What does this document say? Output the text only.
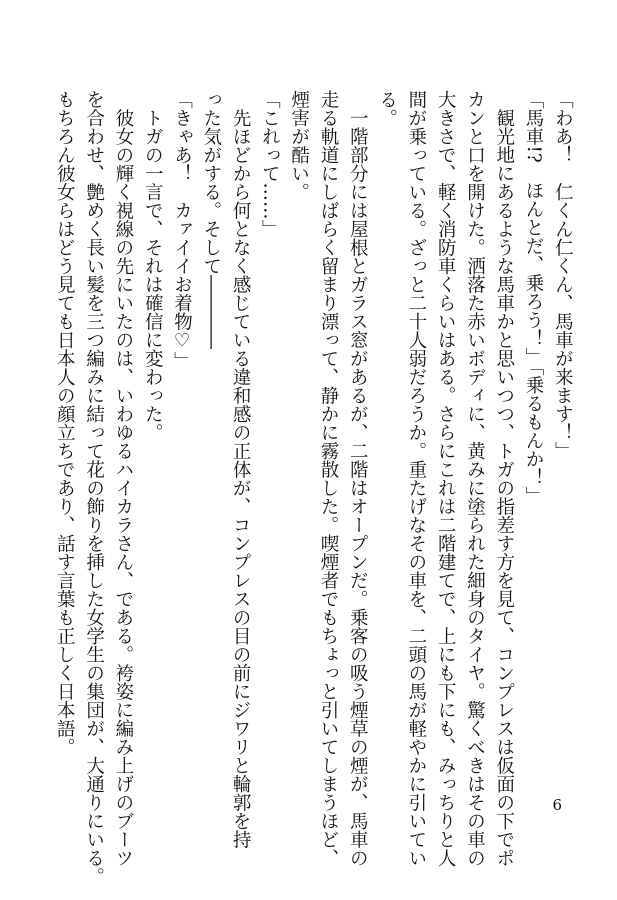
「わあ！　仁くん仁くん、馬車が来ます！」
「馬車!?　ほんとだ、乗ろう！」「乗るもんか！」
　観光地にあるような馬車かと思いつつ、トガの指差す方を見て、コンプレスは仮面の下でポ
カンと口を開けた。洒落た赤いボディに、黄みに塗られた細身のタイヤ。驚くべきはその車の
大きさで、軽く消防車くらいはある。さらにこれは二階建てで、上にも下にも、みっちりと人
間が乗っている。ざっと二十人弱だろうか。重たげなその車を、二頭の馬が軽やかに引いてい
る。
　一階部分には屋根とガラス窓があるが、二階はオープンだ。乗客の吸う煙草の煙が、馬車の
走る軌道にしばらく留まり漂って、静かに霧散した。喫煙者でもちょっと引いてしまうほど、
煙害が酷い。
「これって……」
　先ほどから何となく感じている違和感の正体が、コンプレスの目の前にジワリと輪郭を持
った気がする。そして――――
「きゃあ！　カァイイお着物♡」
　トガの一言で、それは確信に変わった。
　彼女の輝く視線の先にいたのは、いわゆるハイカラさん、である。袴姿に編み上げのブーツ
を合わせ、艶めく長い髪を三つ編みに結って花の飾りを挿した女学生の集団が、大通りにいる。
もちろん彼女らはどう見ても日本人の顔立ちであり、話す言葉も正しく日本語。
6
